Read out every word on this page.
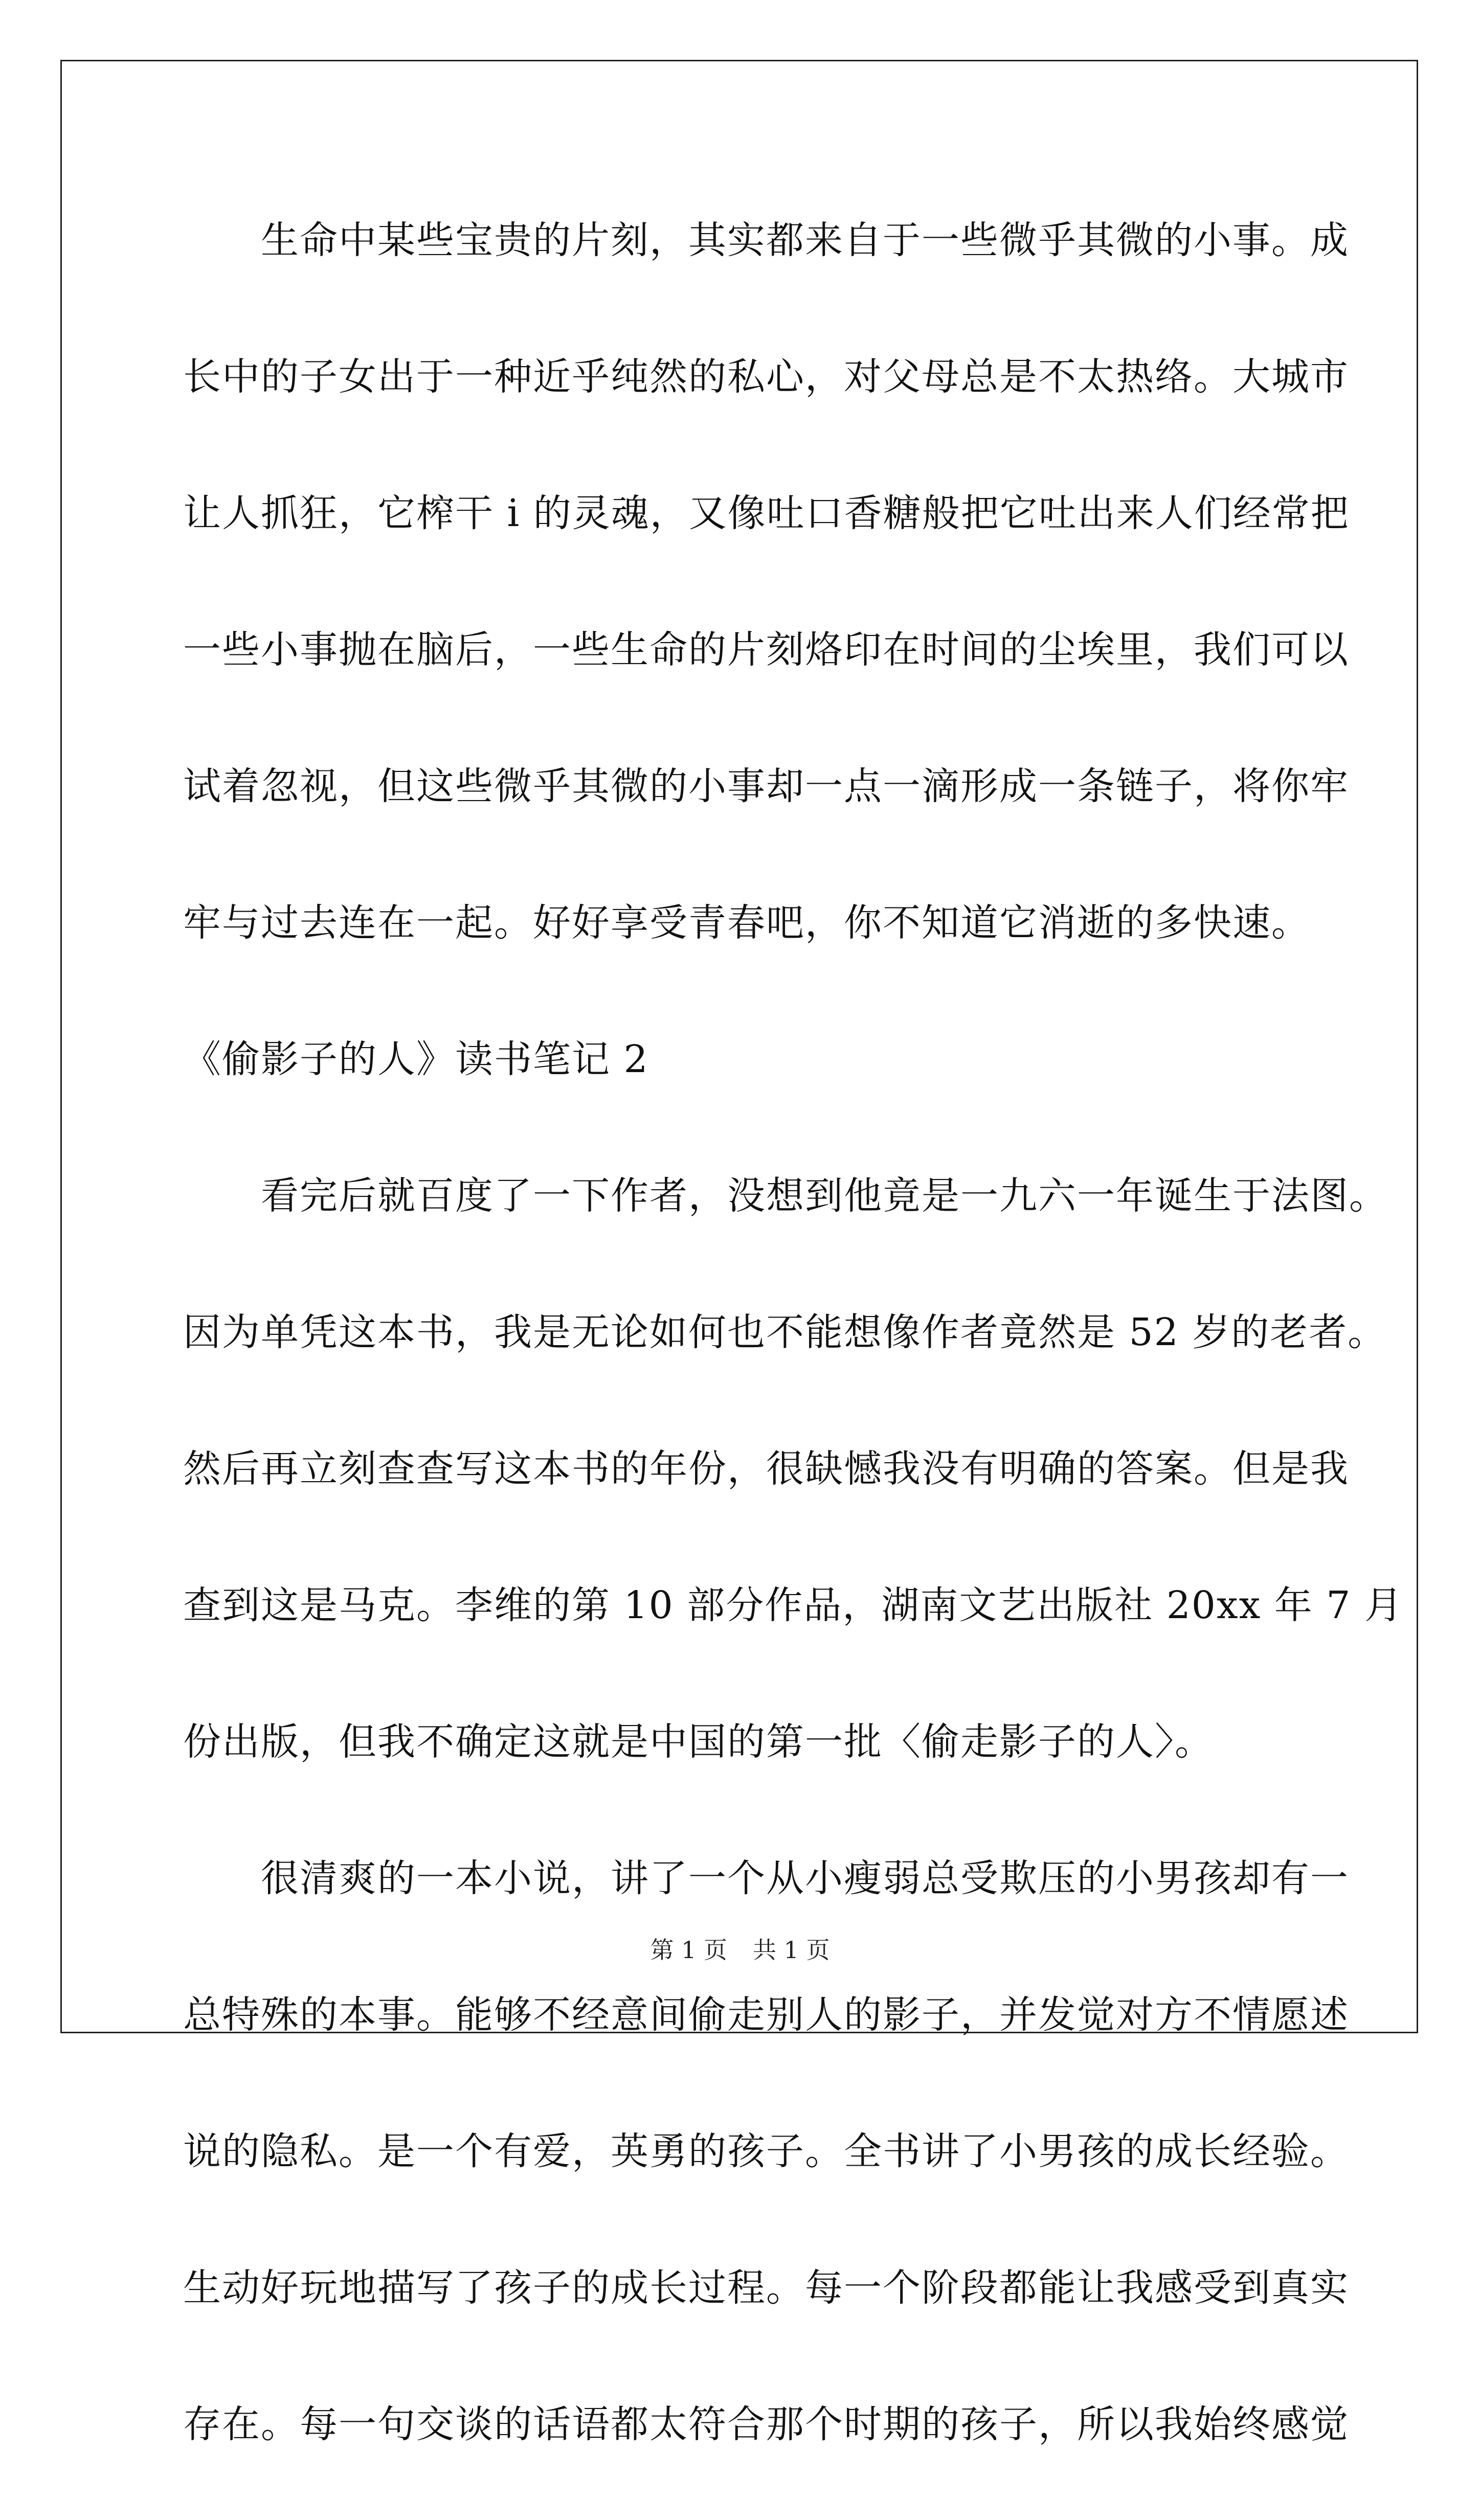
　　生命中某些宝贵的片刻，其实都来自于一些微乎其微的小事。成
长中的子女出于一种近乎纯然的私心，对父母总是不太热络。大城市
让人抓狂，它榨干 i 的灵魂，又像吐口香糖般把它吐出来人们经常把
一些小事抛在脑后，一些生命的片刻烙印在时间的尘埃里，我们可以
试着忽视，但这些微乎其微的小事却一点一滴形成一条链子，将你牢
牢与过去连在一起。好好享受青春吧，你不知道它消逝的多快速。
《偷影子的人》读书笔记 2
　　看完后就百度了一下作者，没想到他竟是一九六一年诞生于法图。
因为单凭这本书，我是无论如何也不能想像作者竟然是 52 岁的老者。
然后再立刻查查写这本书的年份，很缺憾我没有明确的答案。但是我
查到这是马克。李维的第 10 部分作品，湖南文艺出版社 20xx 年 7 月
份出版，但我不确定这就是中国的第一批〈偷走影子的人〉。
　　很清爽的一本小说，讲了一个从小瘦弱总受欺压的小男孩却有一
总特殊的本事。能够不经意间偷走别人的影子，并发觉对方不情愿述
说的隐私。是一个有爱，英勇的孩子。全书讲了小男孩的成长经验。
生动好玩地描写了孩子的成长过程。每一个阶段都能让我感受到真实
存在。每一句交谈的话语都太符合那个时期的孩子，所以我始终感觉
第 1 页 共 1 页
